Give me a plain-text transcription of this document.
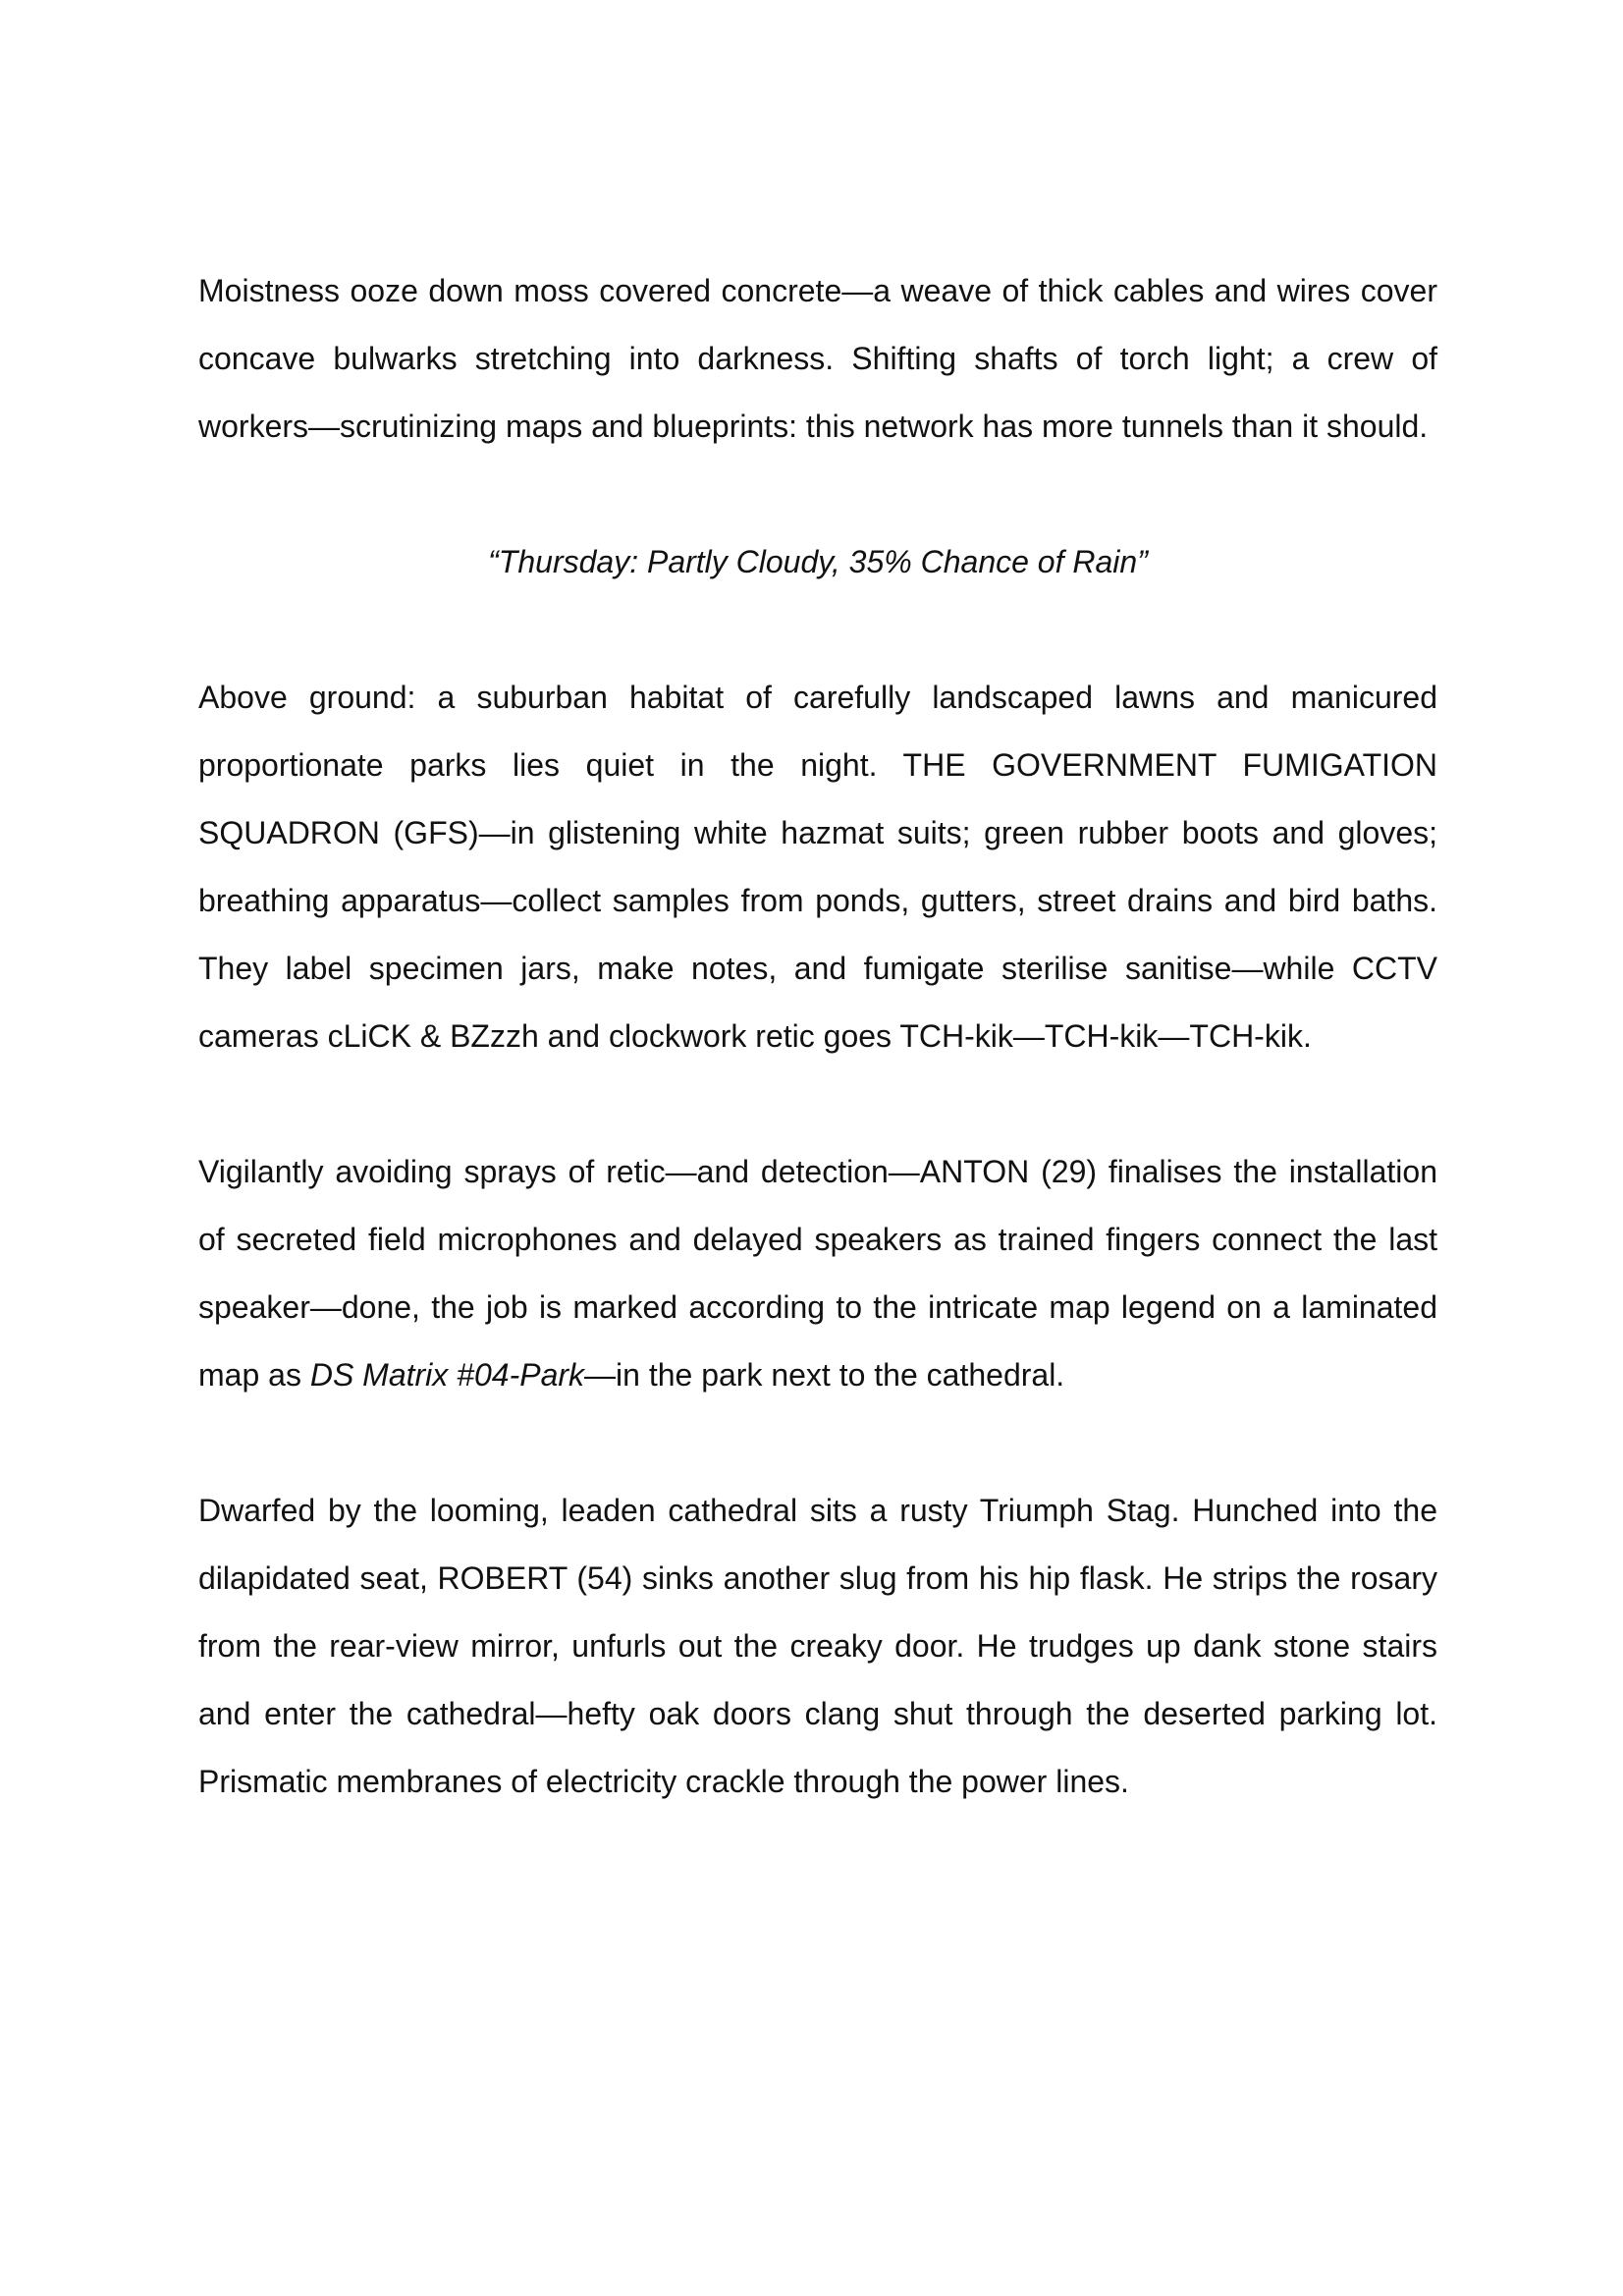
Moistness ooze down moss covered concrete—a weave of thick cables and wires cover concave bulwarks stretching into darkness. Shifting shafts of torch light; a crew of workers—scrutinizing maps and blueprints: this network has more tunnels than it should.

“Thursday: Partly Cloudy, 35% Chance of Rain”

Above ground: a suburban habitat of carefully landscaped lawns and manicured proportionate parks lies quiet in the night. THE GOVERNMENT FUMIGATION SQUADRON (GFS)—in glistening white hazmat suits; green rubber boots and gloves; breathing apparatus—collect samples from ponds, gutters, street drains and bird baths. They label specimen jars, make notes, and fumigate sterilise sanitise—while CCTV cameras cLiCK & BZzzh and clockwork retic goes TCH-kik—TCH-kik—TCH-kik.

Vigilantly avoiding sprays of retic—and detection—ANTON (29) finalises the installation of secreted field microphones and delayed speakers as trained fingers connect the last speaker—done, the job is marked according to the intricate map legend on a laminated map as DS Matrix #04-Park—in the park next to the cathedral.

Dwarfed by the looming, leaden cathedral sits a rusty Triumph Stag. Hunched into the dilapidated seat, ROBERT (54) sinks another slug from his hip flask. He strips the rosary from the rear-view mirror, unfurls out the creaky door. He trudges up dank stone stairs and enter the cathedral—hefty oak doors clang shut through the deserted parking lot. Prismatic membranes of electricity crackle through the power lines.
